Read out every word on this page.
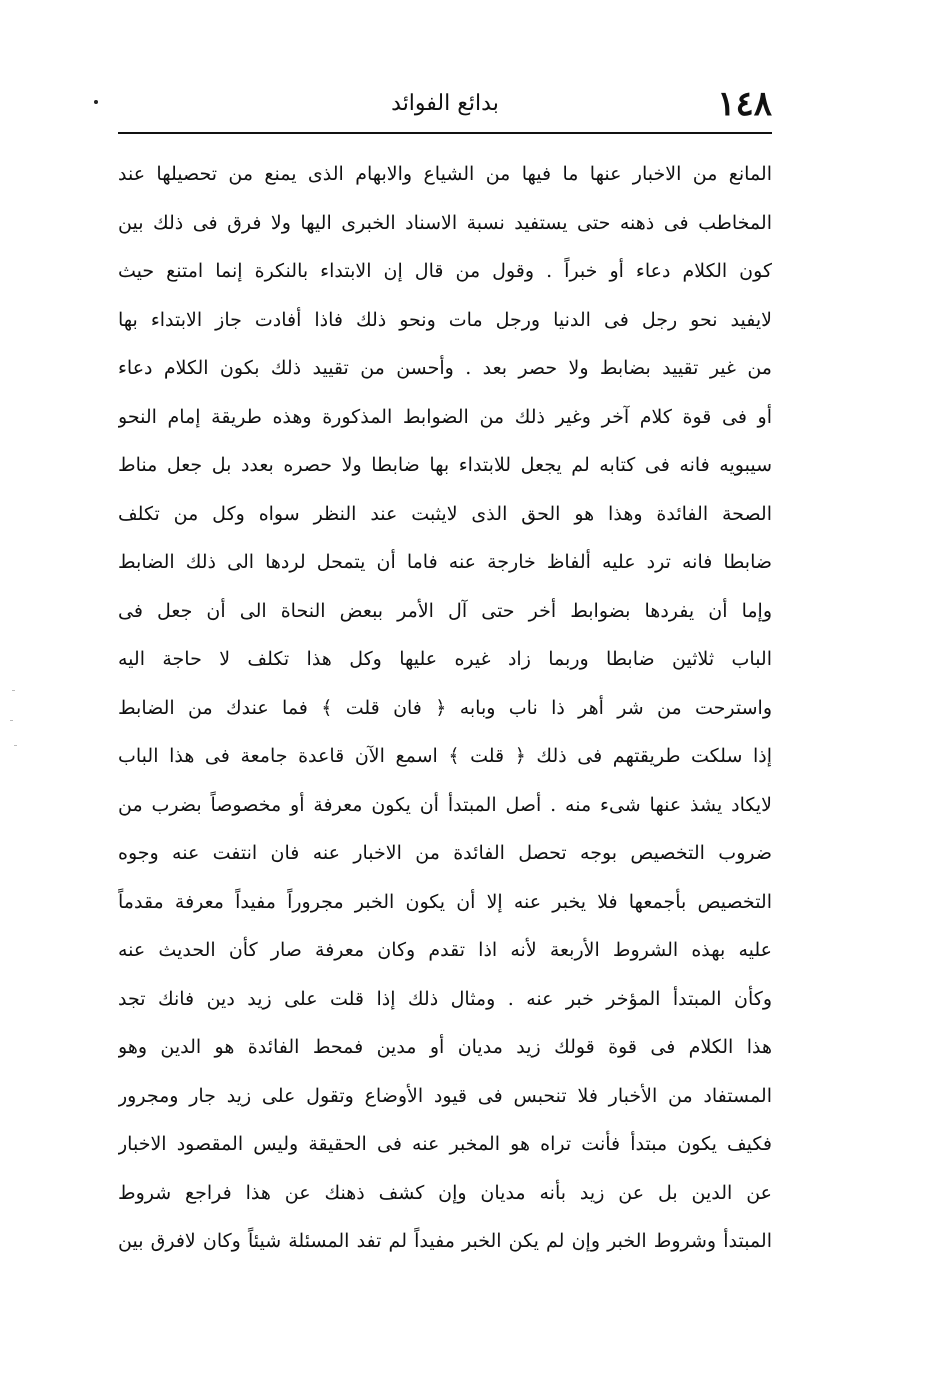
١٤٨
بدائع الفوائد
المانع من الاخبار عنها ما فيها من الشياع والابهام الذى يمنع من تحصيلها عند
المخاطب فى ذهنه حتى يستفيد نسبة الاسناد الخبرى اليها ولا فرق فى ذلك بين
كون الكلام دعاء أو خبراً . وقول من قال إن الابتداء بالنكرة إنما امتنع حيث
لايفيد نحو رجل فى الدنيا ورجل مات ونحو ذلك فاذا أفادت جاز الابتداء بها
من غير تقييد بضابط ولا حصر بعد . وأحسن من تقييد ذلك بكون الكلام دعاء
أو فى قوة كلام آخر وغير ذلك من الضوابط المذكورة وهذه طريقة إمام النحو
سيبويه فانه فى كتابه لم يجعل للابتداء بها ضابطا ولا حصره بعدد بل جعل مناط
الصحة الفائدة وهذا هو الحق الذى لايثبت عند النظر سواه وكل من تكلف
ضابطا فانه ترد عليه ألفاظ خارجة عنه فاما أن يتمحل لردها الى ذلك الضابط
وإما أن يفردها بضوابط أخر حتى آل الأمر ببعض النحاة الى أن جعل فى
الباب ثلاثين ضابطا وربما زاد غيره عليها وكل هذا تكلف لا حاجة اليه
واسترحت من شر أهر ذا ناب وبابه ﴿ فان قلت ﴾ فما عندك من الضابط
إذا سلكت طريقتهم فى ذلك ﴿ قلت ﴾ اسمع الآن قاعدة جامعة فى هذا الباب
لايكاد يشذ عنها شىء منه . أصل المبتدأ أن يكون معرفة أو مخصوصاً بضرب من
ضروب التخصيص بوجه تحصل الفائدة من الاخبار عنه فان انتفت عنه وجوه
التخصيص بأجمعها فلا يخبر عنه إلا أن يكون الخبر مجروراً مفيداً معرفة مقدماً
عليه بهذه الشروط الأربعة لأنه اذا تقدم وكان معرفة صار كأن الحديث عنه
وكأن المبتدأ المؤخر خبر عنه . ومثال ذلك إذا قلت على زيد دين فانك تجد
هذا الكلام فى قوة قولك زيد مديان أو مدين فمحط الفائدة هو الدين وهو
المستفاد من الأخبار فلا تنحبس فى قيود الأوضاع وتقول على زيد جار ومجرور
فكيف يكون مبتدأ فأنت تراه هو المخبر عنه فى الحقيقة وليس المقصود الاخبار
عن الدين بل عن زيد بأنه مديان وإن كشف ذهنك عن هذا فراجع شروط
المبتدأ وشروط الخبر وإن لم يكن الخبر مفيداً لم تفد المسئلة شيئاً وكان لافرق بين
